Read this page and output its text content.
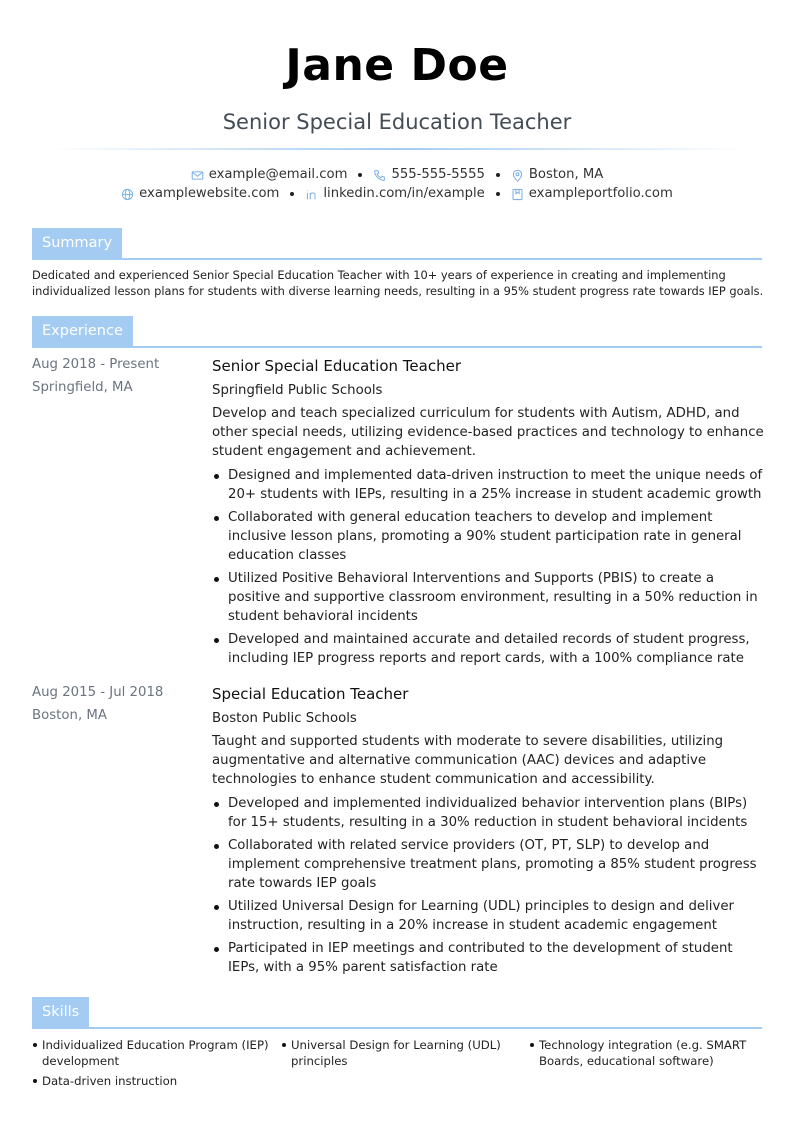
Jane Doe
Senior Special Education Teacher
example@email.com	555-555-5555	Boston, MA
examplewebsite.com	linkedin.com/in/example	exampleportfolio.com
Summary
Dedicated and experienced Senior Special Education Teacher with 10+ years of experience in creating and implementing individualized lesson plans for students with diverse learning needs, resulting in a 95% student progress rate towards IEP goals.
Experience
Aug 2018 - Present
Springfield, MA
Senior Special Education Teacher
Springfield Public Schools
Develop and teach specialized curriculum for students with Autism, ADHD, and other special needs, utilizing evidence-based practices and technology to enhance student engagement and achievement.
Designed and implemented data-driven instruction to meet the unique needs of 20+ students with IEPs, resulting in a 25% increase in student academic growth
Collaborated with general education teachers to develop and implement inclusive lesson plans, promoting a 90% student participation rate in general education classes
Utilized Positive Behavioral Interventions and Supports (PBIS) to create a positive and supportive classroom environment, resulting in a 50% reduction in student behavioral incidents
Developed and maintained accurate and detailed records of student progress, including IEP progress reports and report cards, with a 100% compliance rate
Aug 2015 - Jul 2018
Boston, MA
Special Education Teacher
Boston Public Schools
Taught and supported students with moderate to severe disabilities, utilizing augmentative and alternative communication (AAC) devices and adaptive technologies to enhance student communication and accessibility.
Developed and implemented individualized behavior intervention plans (BIPs) for 15+ students, resulting in a 30% reduction in student behavioral incidents
Collaborated with related service providers (OT, PT, SLP) to develop and implement comprehensive treatment plans, promoting a 85% student progress rate towards IEP goals
Utilized Universal Design for Learning (UDL) principles to design and deliver instruction, resulting in a 20% increase in student academic engagement
Participated in IEP meetings and contributed to the development of student IEPs, with a 95% parent satisfaction rate
Skills
Individualized Education Program (IEP) development
Universal Design for Learning (UDL) principles
Technology integration (e.g. SMART Boards, educational software)
Data-driven instruction
